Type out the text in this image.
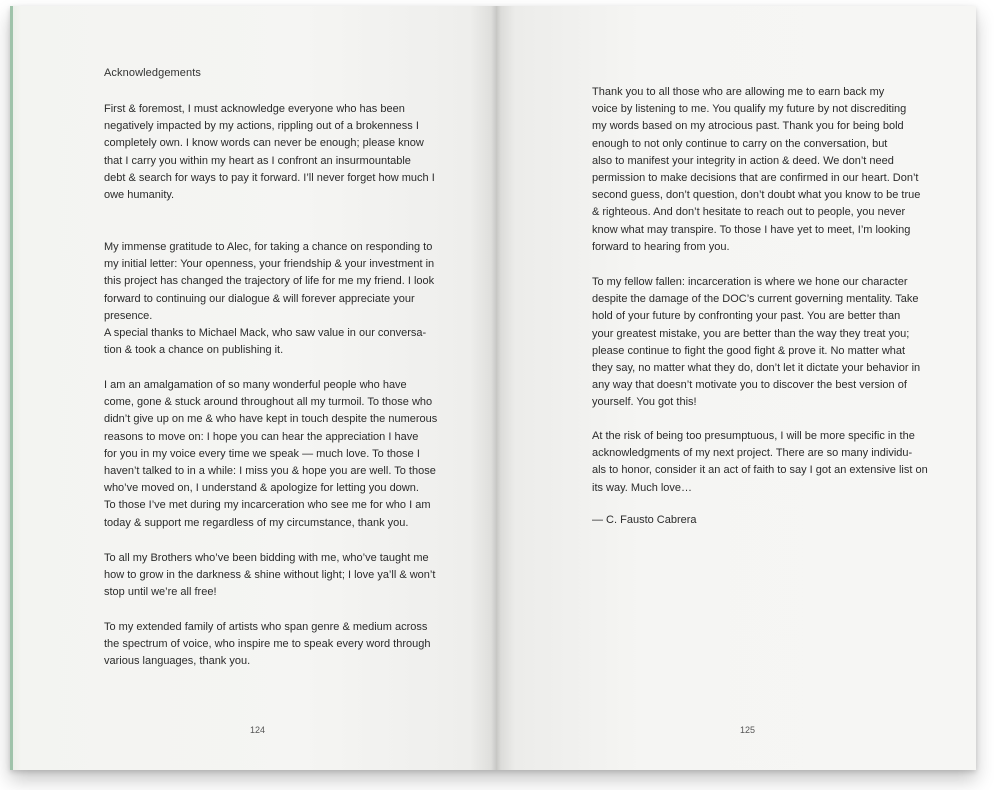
Acknowledgements
First & foremost, I must acknowledge everyone who has been
negatively impacted by my actions, rippling out of a brokenness I
completely own. I know words can never be enough; please know
that I carry you within my heart as I confront an insurmountable
debt & search for ways to pay it forward. I’ll never forget how much I
owe humanity.
My immense gratitude to Alec, for taking a chance on responding to
my initial letter: Your openness, your friendship & your investment in
this project has changed the trajectory of life for me my friend. I look
forward to continuing our dialogue & will forever appreciate your
presence.
A special thanks to Michael Mack, who saw value in our conversa-
tion & took a chance on publishing it.
I am an amalgamation of so many wonderful people who have
come, gone & stuck around throughout all my turmoil. To those who
didn’t give up on me & who have kept in touch despite the numerous
reasons to move on: I hope you can hear the appreciation I have
for you in my voice every time we speak — much love. To those I
haven’t talked to in a while: I miss you & hope you are well. To those
who’ve moved on, I understand & apologize for letting you down.
To those I’ve met during my incarceration who see me for who I am
today & support me regardless of my circumstance, thank you.
To all my Brothers who’ve been bidding with me, who’ve taught me
how to grow in the darkness & shine without light; I love ya’ll & won’t
stop until we’re all free!
To my extended family of artists who span genre & medium across
the spectrum of voice, who inspire me to speak every word through
various languages, thank you.
124
Thank you to all those who are allowing me to earn back my
voice by listening to me. You qualify my future by not discrediting
my words based on my atrocious past. Thank you for being bold
enough to not only continue to carry on the conversation, but
also to manifest your integrity in action & deed. We don’t need
permission to make decisions that are confirmed in our heart. Don’t
second guess, don’t question, don’t doubt what you know to be true
& righteous. And don’t hesitate to reach out to people, you never
know what may transpire. To those I have yet to meet, I’m looking
forward to hearing from you.
To my fellow fallen: incarceration is where we hone our character
despite the damage of the DOC’s current governing mentality. Take
hold of your future by confronting your past. You are better than
your greatest mistake, you are better than the way they treat you;
please continue to fight the good fight & prove it. No matter what
they say, no matter what they do, don’t let it dictate your behavior in
any way that doesn’t motivate you to discover the best version of
yourself. You got this!
At the risk of being too presumptuous, I will be more specific in the
acknowledgments of my next project. There are so many individu-
als to honor, consider it an act of faith to say I got an extensive list on
its way. Much love…
— C. Fausto Cabrera
125
